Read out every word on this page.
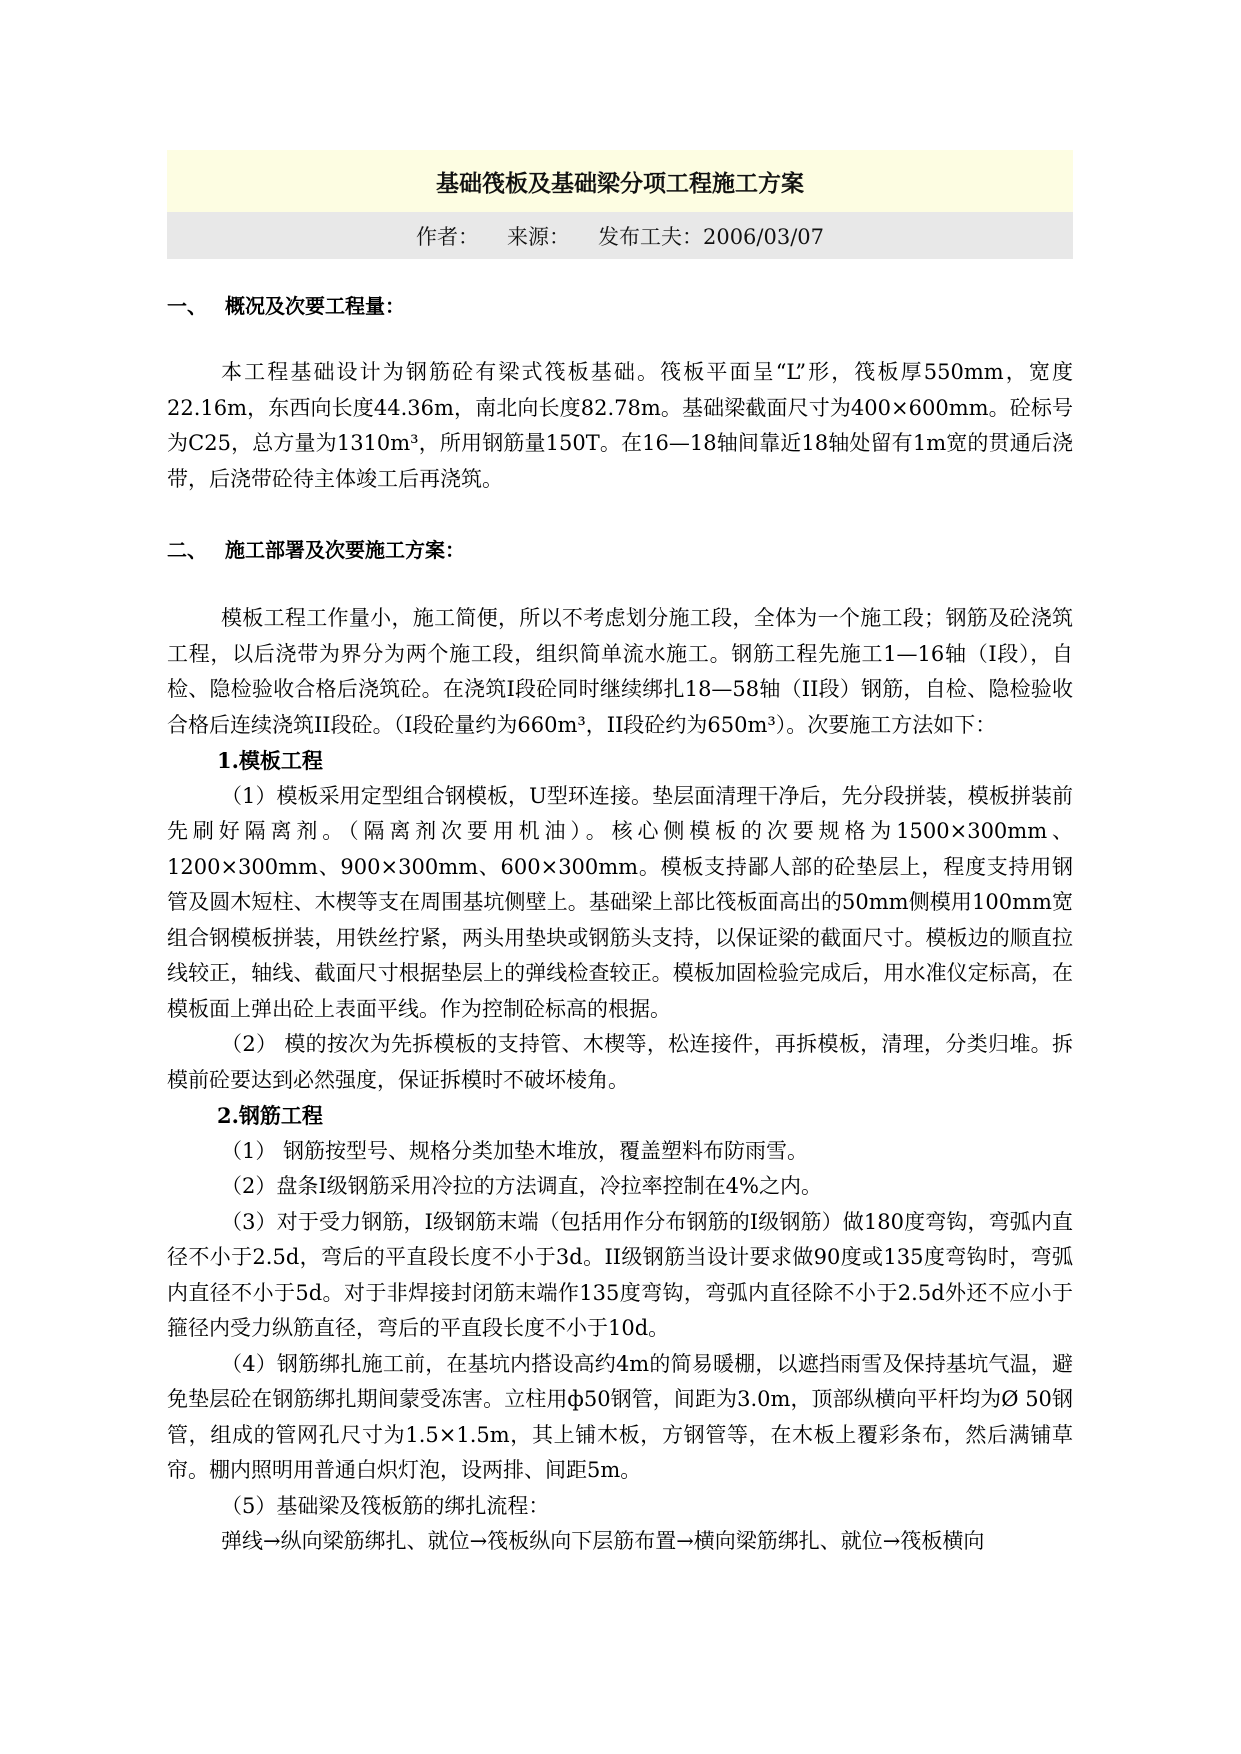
基础筏板及基础梁分项工程施工方案
作者： 来源： 发布工夫：2006/03/07
一、 概况及次要工程量：

本工程基础设计为钢筋砼有梁式筏板基础。筏板平面呈“L”形，筏板厚550mm，宽度22.16m，东西向长度44.36m，南北向长度82.78m。基础梁截面尺寸为400×600mm。砼标号为C25，总方量为1310m³，所用钢筋量150T。在16—18轴间靠近18轴处留有1m宽的贯通后浇带，后浇带砼待主体竣工后再浇筑。

二、 施工部署及次要施工方案：

模板工程工作量小，施工简便，所以不考虑划分施工段，全体为一个施工段；钢筋及砼浇筑工程，以后浇带为界分为两个施工段，组织简单流水施工。钢筋工程先施工1—16轴（I段），自检、隐检验收合格后浇筑砼。在浇筑I段砼同时继续绑扎18—58轴（II段）钢筋，自检、隐检验收合格后连续浇筑II段砼。（I段砼量约为660m³，II段砼约为650m³）。次要施工方法如下：

1.模板工程

（1）模板采用定型组合钢模板，U型环连接。垫层面清理干净后，先分段拼装，模板拼装前先刷好隔离剂。（隔离剂次要用机油）。核心侧模板的次要规格为1500×300mm、1200×300mm、900×300mm、600×300mm。模板支持鄙人部的砼垫层上，程度支持用钢管及圆木短柱、木楔等支在周围基坑侧壁上。基础梁上部比筏板面高出的50mm侧模用100mm宽组合钢模板拼装，用铁丝拧紧，两头用垫块或钢筋头支持，以保证梁的截面尺寸。模板边的顺直拉线较正，轴线、截面尺寸根据垫层上的弹线检查较正。模板加固检验完成后，用水准仪定标高，在模板面上弹出砼上表面平线。作为控制砼标高的根据。

（2） 模的按次为先拆模板的支持管、木楔等，松连接件，再拆模板，清理，分类归堆。拆模前砼要达到必然强度，保证拆模时不破坏棱角。

2.钢筋工程

（1） 钢筋按型号、规格分类加垫木堆放，覆盖塑料布防雨雪。

（2）盘条I级钢筋采用冷拉的方法调直，冷拉率控制在4%之内。

（3）对于受力钢筋，I级钢筋末端（包括用作分布钢筋的I级钢筋）做180度弯钩，弯弧内直径不小于2.5d，弯后的平直段长度不小于3d。II级钢筋当设计要求做90度或135度弯钩时，弯弧内直径不小于5d。对于非焊接封闭筋末端作135度弯钩，弯弧内直径除不小于2.5d外还不应小于箍径内受力纵筋直径，弯后的平直段长度不小于10d。

（4）钢筋绑扎施工前，在基坑内搭设高约4m的简易暖棚，以遮挡雨雪及保持基坑气温，避免垫层砼在钢筋绑扎期间蒙受冻害。立柱用ф50钢管，间距为3.0m，顶部纵横向平杆均为Ø 50钢管，组成的管网孔尺寸为1.5×1.5m，其上铺木板，方钢管等，在木板上覆彩条布，然后满铺草帘。棚内照明用普通白炽灯泡，设两排、间距5m。

（5）基础梁及筏板筋的绑扎流程：

弹线→纵向梁筋绑扎、就位→筏板纵向下层筋布置→横向梁筋绑扎、就位→筏板横向
